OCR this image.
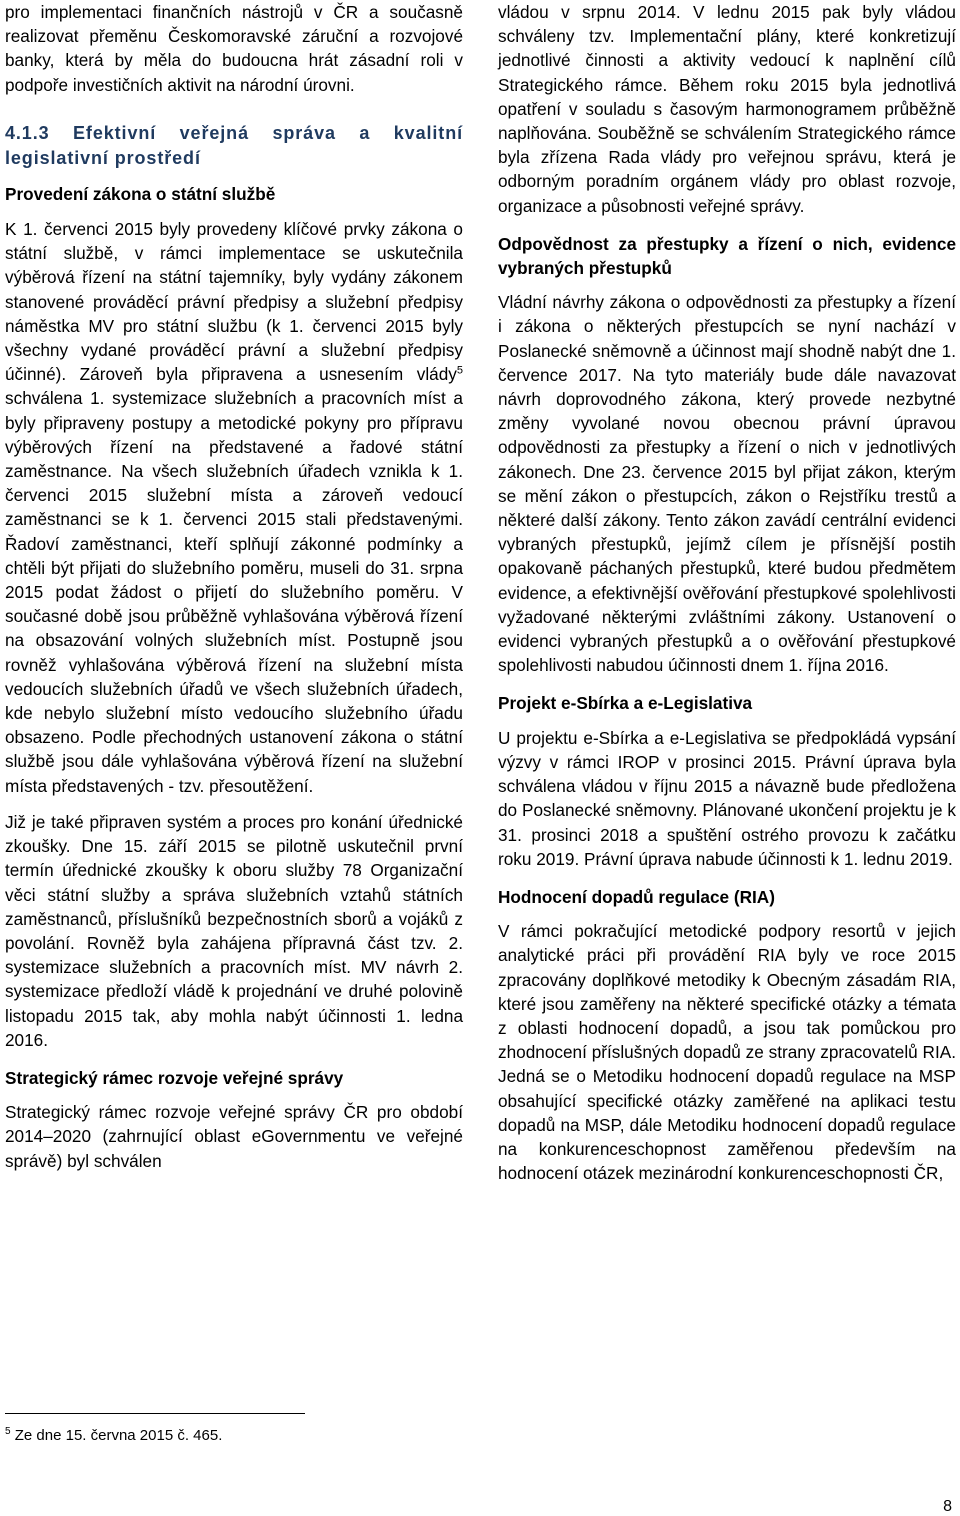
pro implementaci finančních nástrojů v ČR a současně realizovat přeměnu Českomoravské záruční a rozvojové banky, která by měla do budoucna hrát zásadní roli v podpoře investičních aktivit na národní úrovni.

4.1.3 Efektivní veřejná správa a kvalitní legislativní prostředí

Provedení zákona o státní službě

K 1. červenci 2015 byly provedeny klíčové prvky zákona o státní službě, v rámci implementace se uskutečnila výběrová řízení na státní tajemníky, byly vydány zákonem stanovené prováděcí právní předpisy a služební předpisy náměstka MV pro státní službu (k 1. červenci 2015 byly všechny vydané prováděcí právní a služební předpisy účinné). Zároveň byla připravena a usnesením vlády$^5$ schválena 1. systemizace služebních a pracovních míst a byly připraveny postupy a metodické pokyny pro přípravu výběrových řízení na představené a řadové státní zaměstnance. Na všech služebních úřadech vznikla k 1. červenci 2015 služební místa a zároveň vedoucí zaměstnanci se k 1. červenci 2015 stali představenými. Řadoví zaměstnanci, kteří splňují zákonné podmínky a chtěli být přijati do služebního poměru, museli do 31. srpna 2015 podat žádost o přijetí do služebního poměru. V současné době jsou průběžně vyhlašována výběrová řízení na obsazování volných služebních míst. Postupně jsou rovněž vyhlašována výběrová řízení na služební místa vedoucích služebních úřadů ve všech služebních úřadech, kde nebylo služební místo vedoucího služebního úřadu obsazeno. Podle přechodných ustanovení zákona o státní službě jsou dále vyhlašována výběrová řízení na služební místa představených - tzv. přesoutěžení.

Již je také připraven systém a proces pro konání úřednické zkoušky. Dne 15. září 2015 se pilotně uskutečnil první termín úřednické zkoušky k oboru služby 78 Organizační věci státní služby a správa služebních vztahů státních zaměstnanců, příslušníků bezpečnostních sborů a vojáků z povolání. Rovněž byla zahájena přípravná část tzv. 2. systemizace služebních a pracovních míst. MV návrh 2. systemizace předloží vládě k projednání ve druhé polovině listopadu 2015 tak, aby mohla nabýt účinnosti 1. ledna 2016.

Strategický rámec rozvoje veřejné správy

Strategický rámec rozvoje veřejné správy ČR pro období 2014–2020 (zahrnující oblast eGovernmentu ve veřejné správě) byl schválen

$^5$ Ze dne 15. června 2015 č. 465.

vládou v srpnu 2014. V lednu 2015 pak byly vládou schváleny tzv. Implementační plány, které konkretizují jednotlivé činnosti a aktivity vedoucí k naplnění cílů Strategického rámce. Během roku 2015 byla jednotlivá opatření v souladu s časovým harmonogramem průběžně naplňována. Souběžně se schválením Strategického rámce byla zřízena Rada vlády pro veřejnou správu, která je odborným poradním orgánem vlády pro oblast rozvoje, organizace a působnosti veřejné správy.

Odpovědnost za přestupky a řízení o nich, evidence vybraných přestupků

Vládní návrhy zákona o odpovědnosti za přestupky a řízení i zákona o některých přestupcích se nyní nachází v Poslanecké sněmovně a účinnost mají shodně nabýt dne 1. července 2017. Na tyto materiály bude dále navazovat návrh doprovodného zákona, který provede nezbytné změny vyvolané novou obecnou právní úpravou odpovědnosti za přestupky a řízení o nich v jednotlivých zákonech. Dne 23. července 2015 byl přijat zákon, kterým se mění zákon o přestupcích, zákon o Rejstříku trestů a některé další zákony. Tento zákon zavádí centrální evidenci vybraných přestupků, jejímž cílem je přísnější postih opakovaně páchaných přestupků, které budou předmětem evidence, a efektivnější ověřování přestupkové spolehlivosti vyžadované některými zvláštními zákony. Ustanovení o evidenci vybraných přestupků a o ověřování přestupkové spolehlivosti nabudou účinnosti dnem 1. října 2016.

Projekt e-Sbírka a e-Legislativa

U projektu e-Sbírka a e-Legislativa se předpokládá vypsání výzvy v rámci IROP v prosinci 2015. Právní úprava byla schválena vládou v říjnu 2015 a návazně bude předložena do Poslanecké sněmovny. Plánované ukončení projektu je k 31. prosinci 2018 a spuštění ostrého provozu k začátku roku 2019. Právní úprava nabude účinnosti k 1. lednu 2019.

Hodnocení dopadů regulace (RIA)

V rámci pokračující metodické podpory resortů v jejich analytické práci při provádění RIA byly ve roce 2015 zpracovány doplňkové metodiky k Obecným zásadám RIA, které jsou zaměřeny na některé specifické otázky a témata z oblasti hodnocení dopadů, a jsou tak pomůckou pro zhodnocení příslušných dopadů ze strany zpracovatelů RIA. Jedná se o Metodiku hodnocení dopadů regulace na MSP obsahující specifické otázky zaměřené na aplikaci testu dopadů na MSP, dále Metodiku hodnocení dopadů regulace na konkurenceschopnost zaměřenou především na hodnocení otázek mezinárodní konkurenceschopnosti ČR,

8
